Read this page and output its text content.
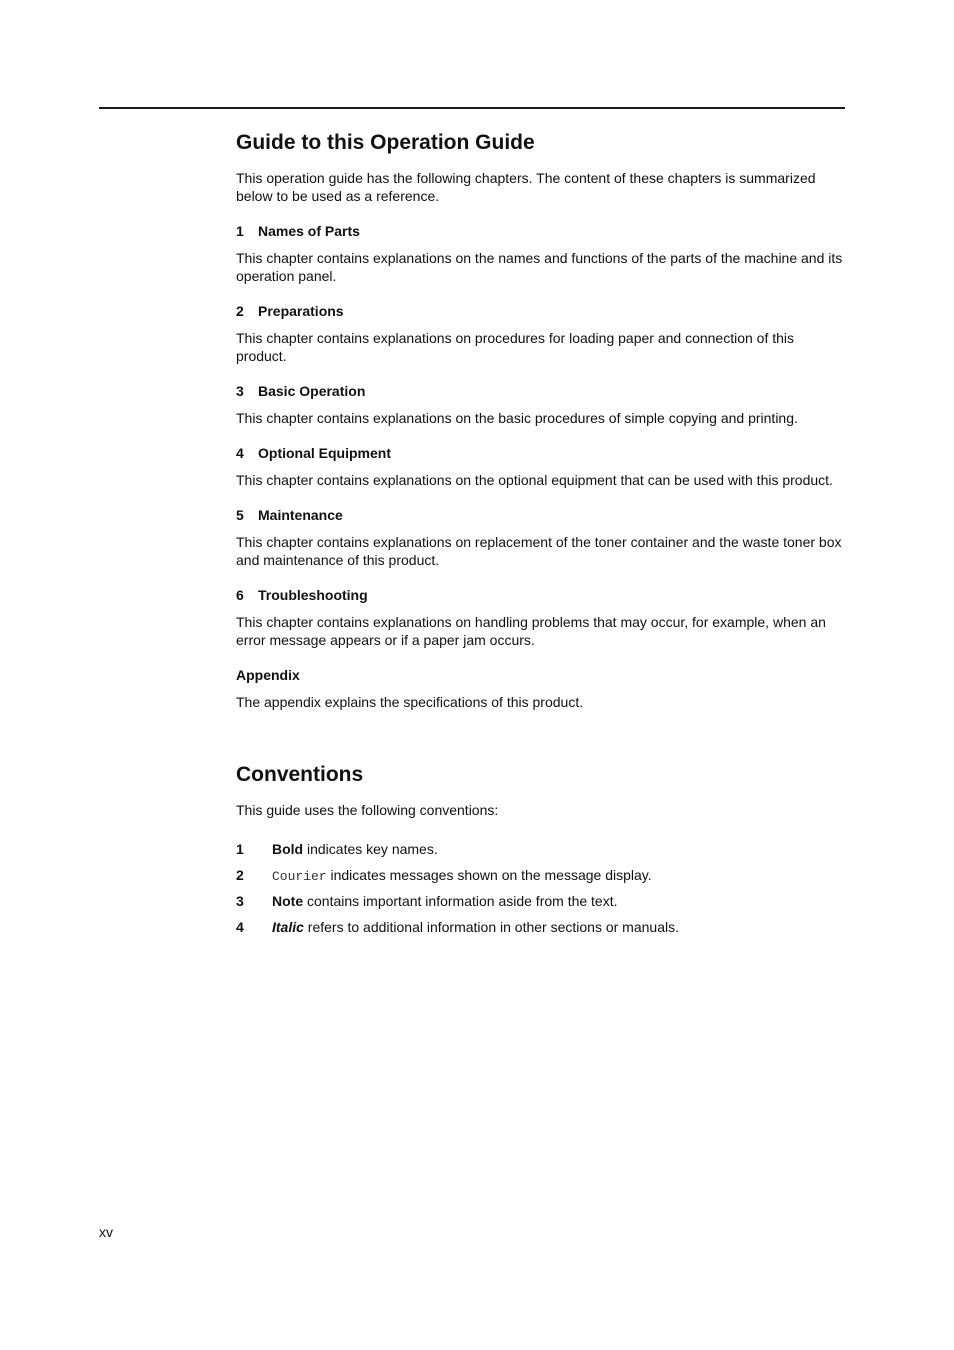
Guide to this Operation Guide

This operation guide has the following chapters. The content of these chapters is summarized below to be used as a reference.

1 Names of Parts

This chapter contains explanations on the names and functions of the parts of the machine and its operation panel.

2 Preparations

This chapter contains explanations on procedures for loading paper and connection of this product.

3 Basic Operation

This chapter contains explanations on the basic procedures of simple copying and printing.

4 Optional Equipment

This chapter contains explanations on the optional equipment that can be used with this product.

5 Maintenance

This chapter contains explanations on replacement of the toner container and the waste toner box and maintenance of this product.

6 Troubleshooting

This chapter contains explanations on handling problems that may occur, for example, when an error message appears or if a paper jam occurs.

Appendix

The appendix explains the specifications of this product.

Conventions

This guide uses the following conventions:

1	Bold indicates key names.
2	Courier indicates messages shown on the message display.
3	Note contains important information aside from the text.
4	Italic refers to additional information in other sections or manuals.
xv
